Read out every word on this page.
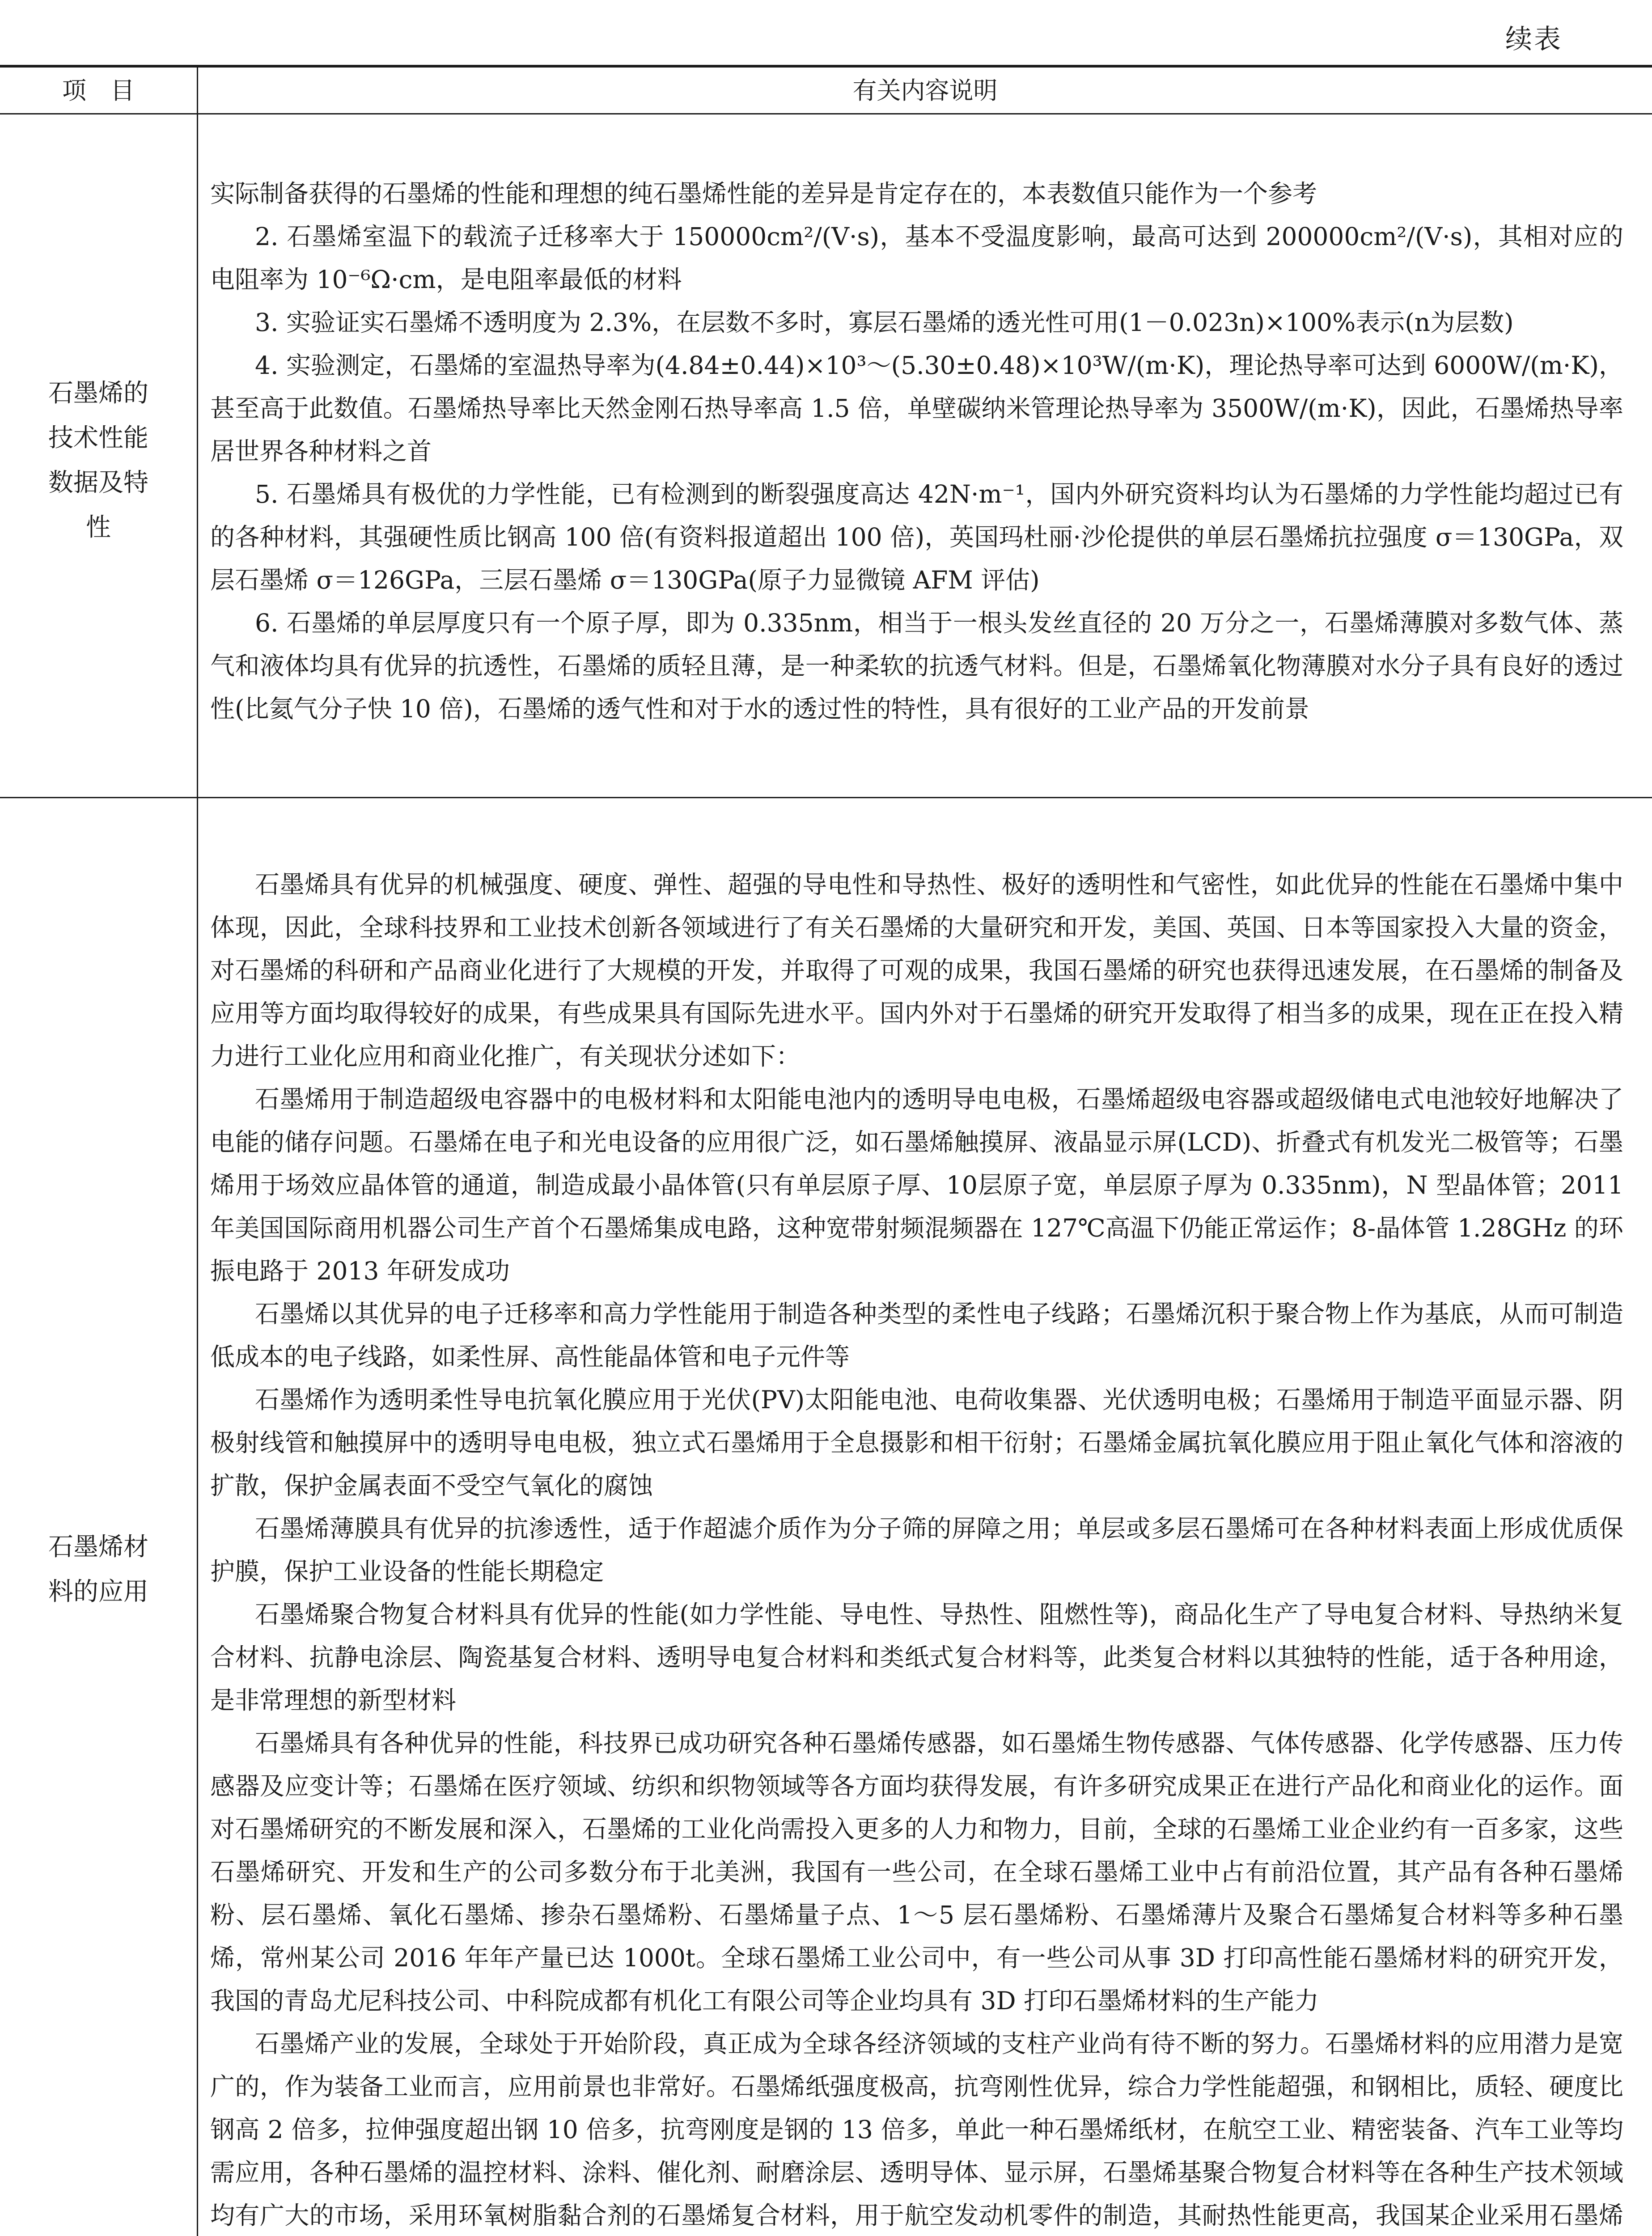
续表
项　目	有关内容说明
石墨烯的技术性能数据及特性

实际制备获得的石墨烯的性能和理想的纯石墨烯性能的差异是肯定存在的，本表数值只能作为一个参考

2. 石墨烯室温下的载流子迁移率大于 150000cm²/(V·s)，基本不受温度影响，最高可达到 200000cm²/(V·s)，其相对应的电阻率为 10⁻⁶Ω·cm，是电阻率最低的材料

3. 实验证实石墨烯不透明度为 2.3%，在层数不多时，寡层石墨烯的透光性可用(1－0.023n)×100%表示(n为层数)

4. 实验测定，石墨烯的室温热导率为(4.84±0.44)×10³～(5.30±0.48)×10³W/(m·K)，理论热导率可达到 6000W/(m·K)，甚至高于此数值。石墨烯热导率比天然金刚石热导率高 1.5 倍，单壁碳纳米管理论热导率为 3500W/(m·K)，因此，石墨烯热导率居世界各种材料之首

5. 石墨烯具有极优的力学性能，已有检测到的断裂强度高达 42N·m⁻¹，国内外研究资料均认为石墨烯的力学性能均超过已有的各种材料，其强硬性质比钢高 100 倍(有资料报道超出 100 倍)，英国玛杜丽·沙伦提供的单层石墨烯抗拉强度 σ＝130GPa，双层石墨烯 σ＝126GPa，三层石墨烯 σ＝130GPa(原子力显微镜 AFM 评估)

6. 石墨烯的单层厚度只有一个原子厚，即为 0.335nm，相当于一根头发丝直径的 20 万分之一，石墨烯薄膜对多数气体、蒸气和液体均具有优异的抗透性，石墨烯的质轻且薄，是一种柔软的抗透气材料。但是，石墨烯氧化物薄膜对水分子具有良好的透过性(比氦气分子快 10 倍)，石墨烯的透气性和对于水的透过性的特性，具有很好的工业产品的开发前景

石墨烯材料的应用

石墨烯具有优异的机械强度、硬度、弹性、超强的导电性和导热性、极好的透明性和气密性，如此优异的性能在石墨烯中集中体现，因此，全球科技界和工业技术创新各领域进行了有关石墨烯的大量研究和开发，美国、英国、日本等国家投入大量的资金，对石墨烯的科研和产品商业化进行了大规模的开发，并取得了可观的成果，我国石墨烯的研究也获得迅速发展，在石墨烯的制备及应用等方面均取得较好的成果，有些成果具有国际先进水平。国内外对于石墨烯的研究开发取得了相当多的成果，现在正在投入精力进行工业化应用和商业化推广，有关现状分述如下：

石墨烯用于制造超级电容器中的电极材料和太阳能电池内的透明导电电极，石墨烯超级电容器或超级储电式电池较好地解决了电能的储存问题。石墨烯在电子和光电设备的应用很广泛，如石墨烯触摸屏、液晶显示屏(LCD)、折叠式有机发光二极管等；石墨烯用于场效应晶体管的通道，制造成最小晶体管(只有单层原子厚、10层原子宽，单层原子厚为 0.335nm)，N 型晶体管；2011 年美国国际商用机器公司生产首个石墨烯集成电路，这种宽带射频混频器在 127℃高温下仍能正常运作；8-晶体管 1.28GHz 的环振电路于 2013 年研发成功

石墨烯以其优异的电子迁移率和高力学性能用于制造各种类型的柔性电子线路；石墨烯沉积于聚合物上作为基底，从而可制造低成本的电子线路，如柔性屏、高性能晶体管和电子元件等

石墨烯作为透明柔性导电抗氧化膜应用于光伏(PV)太阳能电池、电荷收集器、光伏透明电极；石墨烯用于制造平面显示器、阴极射线管和触摸屏中的透明导电电极，独立式石墨烯用于全息摄影和相干衍射；石墨烯金属抗氧化膜应用于阻止氧化气体和溶液的扩散，保护金属表面不受空气氧化的腐蚀

石墨烯薄膜具有优异的抗渗透性，适于作超滤介质作为分子筛的屏障之用；单层或多层石墨烯可在各种材料表面上形成优质保护膜，保护工业设备的性能长期稳定

石墨烯聚合物复合材料具有优异的性能(如力学性能、导电性、导热性、阻燃性等)，商品化生产了导电复合材料、导热纳米复合材料、抗静电涂层、陶瓷基复合材料、透明导电复合材料和类纸式复合材料等，此类复合材料以其独特的性能，适于各种用途，是非常理想的新型材料

石墨烯具有各种优异的性能，科技界已成功研究各种石墨烯传感器，如石墨烯生物传感器、气体传感器、化学传感器、压力传感器及应变计等；石墨烯在医疗领域、纺织和织物领域等各方面均获得发展，有许多研究成果正在进行产品化和商业化的运作。面对石墨烯研究的不断发展和深入，石墨烯的工业化尚需投入更多的人力和物力，目前，全球的石墨烯工业企业约有一百多家，这些石墨烯研究、开发和生产的公司多数分布于北美洲，我国有一些公司，在全球石墨烯工业中占有前沿位置，其产品有各种石墨烯粉、层石墨烯、氧化石墨烯、掺杂石墨烯粉、石墨烯量子点、1～5 层石墨烯粉、石墨烯薄片及聚合石墨烯复合材料等多种石墨烯，常州某公司 2016 年年产量已达 1000t。全球石墨烯工业公司中，有一些公司从事 3D 打印高性能石墨烯材料的研究开发，我国的青岛尤尼科技公司、中科院成都有机化工有限公司等企业均具有 3D 打印石墨烯材料的生产能力

石墨烯产业的发展，全球处于开始阶段，真正成为全球各经济领域的支柱产业尚有待不断的努力。石墨烯材料的应用潜力是宽广的，作为装备工业而言，应用前景也非常好。石墨烯纸强度极高，抗弯刚性优异，综合力学性能超强，和钢相比，质轻、硬度比钢高 2 倍多，拉伸强度超出钢 10 倍多，抗弯刚度是钢的 13 倍多，单此一种石墨烯纸材，在航空工业、精密装备、汽车工业等均需应用，各种石墨烯的温控材料、涂料、催化剂、耐磨涂层、透明导体、显示屏，石墨烯基聚合物复合材料等在各种生产技术领域均有广大的市场，采用环氧树脂黏合剂的石墨烯复合材料，用于航空发动机零件的制造，其耐热性能更高，我国某企业采用石墨烯
